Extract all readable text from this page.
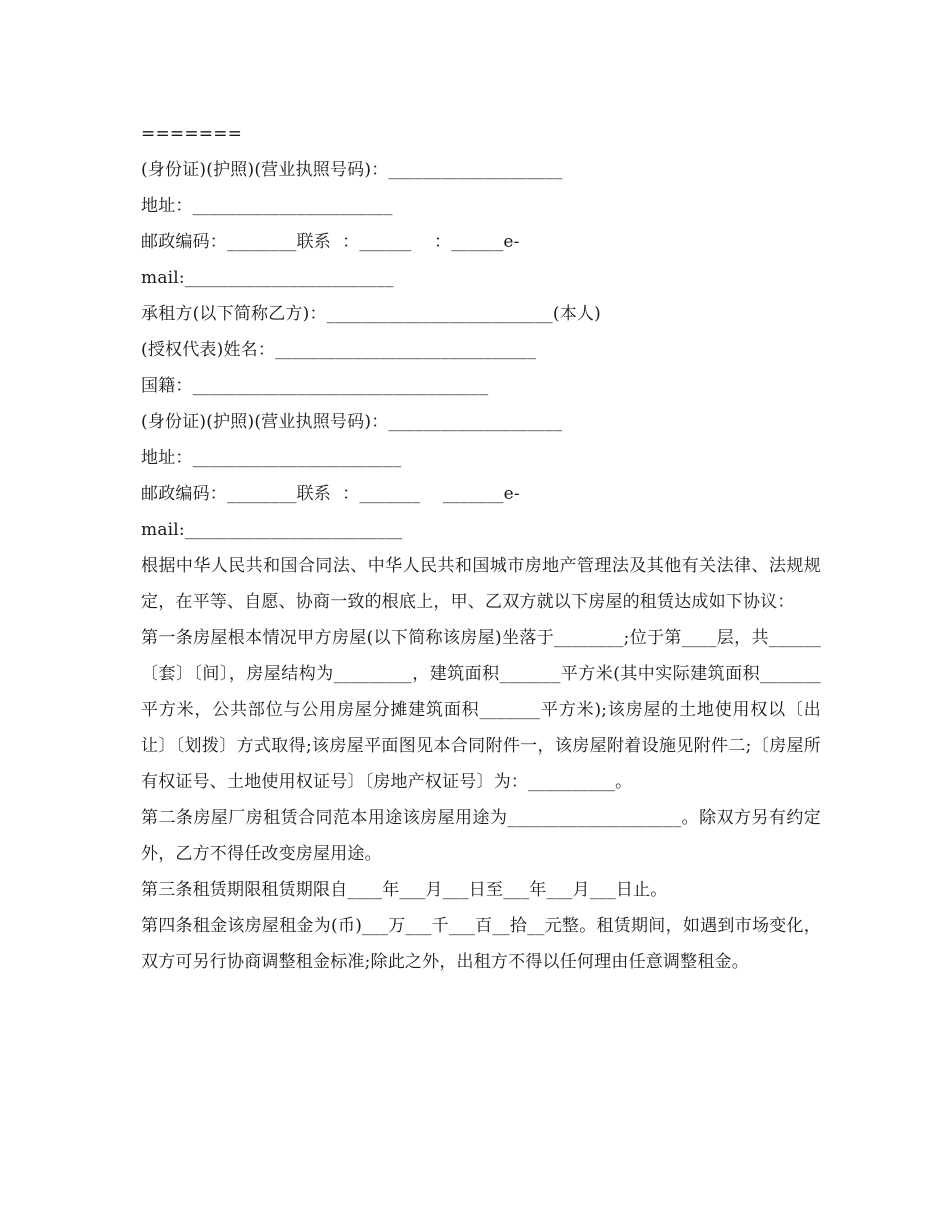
=======
(身份证)(护照)(营业执照号码)：____________________
地址：_______________________
邮政编码：________联系  ：______    ：______e-
mail:________________________
承租方(以下简称乙方)：__________________________(本人)
(授权代表)姓名：______________________________
国籍：__________________________________
(身份证)(护照)(营业执照号码)：____________________
地址：________________________
邮政编码：________联系  ：_______    _______e-
mail:_________________________
根据中华人民共和国合同法、中华人民共和国城市房地产管理法及其他有关法律、法规规定，在平等、自愿、协商一致的根底上，甲、乙双方就以下房屋的租赁达成如下协议：
第一条房屋根本情况甲方房屋(以下简称该房屋)坐落于________;位于第____层，共______〔套〕〔间〕，房屋结构为_________，建筑面积_______平方米(其中实际建筑面积_______平方米，公共部位与公用房屋分摊建筑面积_______平方米);该房屋的土地使用权以〔出让〕〔划拨〕方式取得;该房屋平面图见本合同附件一，该房屋附着设施见附件二;〔房屋所有权证号、土地使用权证号〕〔房地产权证号〕为：__________。
第二条房屋厂房租赁合同范本用途该房屋用途为____________________。除双方另有约定外，乙方不得任改变房屋用途。
第三条租赁期限租赁期限自____年___月___日至___年___月___日止。
第四条租金该房屋租金为(币)___万___千___百__拾__元整。租赁期间，如遇到市场变化，双方可另行协商调整租金标准;除此之外，出租方不得以任何理由任意调整租金。
